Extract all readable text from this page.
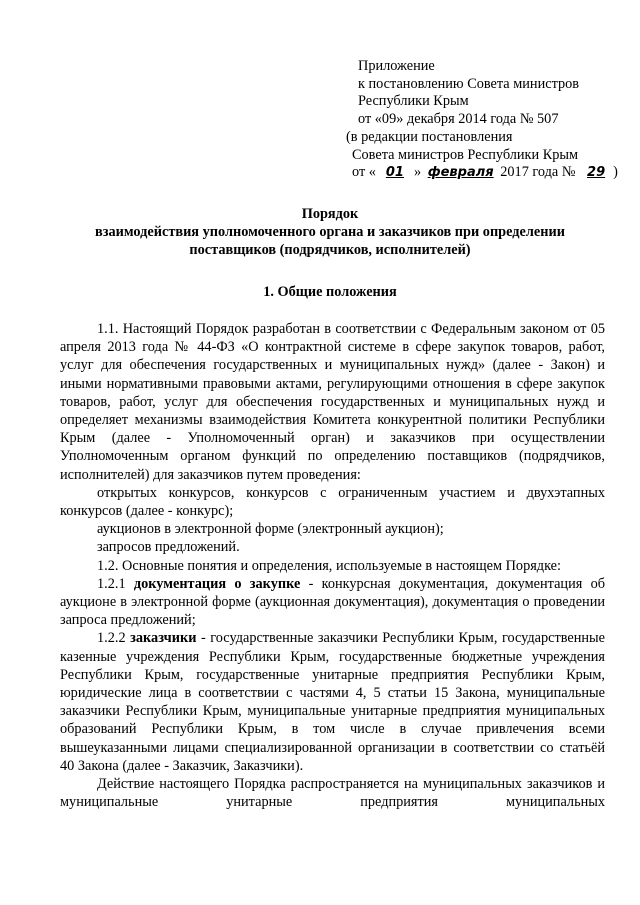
Приложение
к постановлению Совета министров
Республики Крым
от «09» декабря 2014 года № 507
(в редакции постановления
Совета министров Республики Крым
от « 01 » февраля 2017 года № 29 )
Порядок
взаимодействия уполномоченного органа и заказчиков при определении
поставщиков (подрядчиков, исполнителей)
1. Общие положения

1.1. Настоящий Порядок разработан в соответствии с Федеральным законом от 05 апреля 2013 года № 44-ФЗ «О контрактной системе в сфере закупок товаров, работ, услуг для обеспечения государственных и муниципальных нужд» (далее - Закон) и иными нормативными правовыми актами, регулирующими отношения в сфере закупок товаров, работ, услуг для обеспечения государственных и муниципальных нужд и определяет механизмы взаимодействия Комитета конкурентной политики Республики Крым (далее - Уполномоченный орган) и заказчиков при осуществлении Уполномоченным органом функций по определению поставщиков (подрядчиков, исполнителей) для заказчиков путем проведения:

открытых конкурсов, конкурсов с ограниченным участием и двухэтапных конкурсов (далее - конкурс);

аукционов в электронной форме (электронный аукцион);

запросов предложений.

1.2. Основные понятия и определения, используемые в настоящем Порядке:

1.2.1 документация о закупке - конкурсная документация, документация об аукционе в электронной форме (аукционная документация), документация о проведении запроса предложений;

1.2.2 заказчики - государственные заказчики Республики Крым, государственные казенные учреждения Республики Крым, государственные бюджетные учреждения Республики Крым, государственные унитарные предприятия Республики Крым, юридические лица в соответствии с частями 4, 5 статьи 15 Закона, муниципальные заказчики Республики Крым, муниципальные унитарные предприятия муниципальных образований Республики Крым, в том числе в случае привлечения всеми вышеуказанными лицами специализированной организации в соответствии со статьёй 40 Закона (далее - Заказчик, Заказчики).

Действие настоящего Порядка распространяется на муниципальных заказчиков и муниципальные унитарные предприятия муниципальных
